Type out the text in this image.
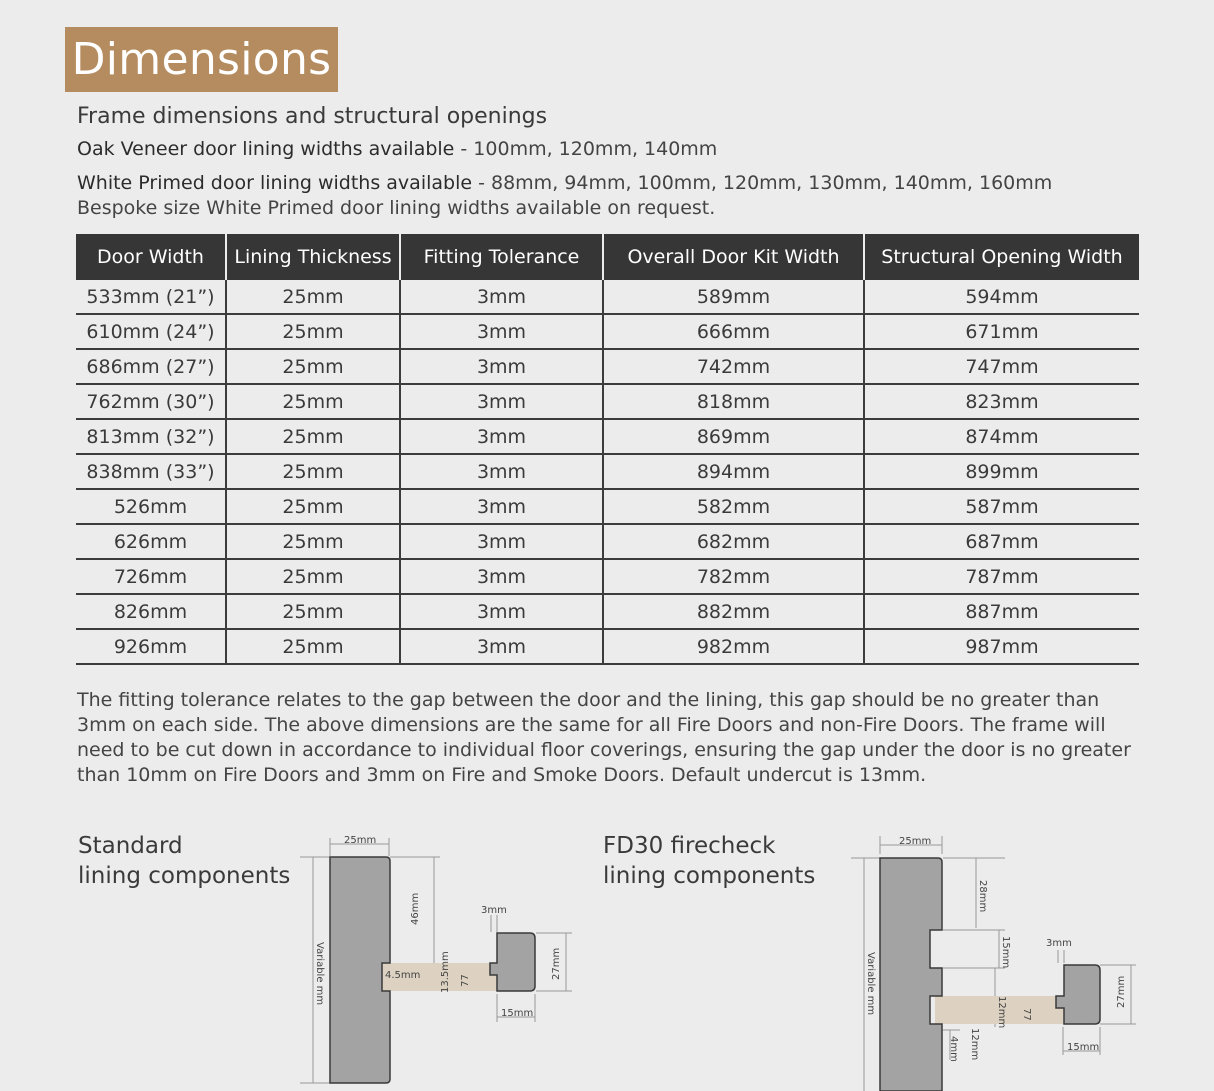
Dimensions
Frame dimensions and structural openings
Oak Veneer door lining widths available - 100mm, 120mm, 140mm
White Primed door lining widths available - 88mm, 94mm, 100mm, 120mm, 130mm, 140mm, 160mm
Bespoke size White Primed door lining widths available on request.
Door Width	Lining Thickness	Fitting Tolerance	Overall Door Kit Width	Structural Opening Width
533mm (21”)	25mm	3mm	589mm	594mm
610mm (24”)	25mm	3mm	666mm	671mm
686mm (27”)	25mm	3mm	742mm	747mm
762mm (30”)	25mm	3mm	818mm	823mm
813mm (32”)	25mm	3mm	869mm	874mm
838mm (33”)	25mm	3mm	894mm	899mm
526mm	25mm	3mm	582mm	587mm
626mm	25mm	3mm	682mm	687mm
726mm	25mm	3mm	782mm	787mm
826mm	25mm	3mm	882mm	887mm
926mm	25mm	3mm	982mm	987mm
The fitting tolerance relates to the gap between the door and the lining, this gap should be no greater than 3mm on each side. The above dimensions are the same for all Fire Doors and non-Fire Doors. The frame will need to be cut down in accordance to individual floor coverings, ensuring the gap under the door is no greater than 10mm on Fire Doors and 3mm on Fire and Smoke Doors. Default undercut is 13mm.
Standard
lining components
FD30 firecheck
lining components
25mm
Variable mm
46mm
4.5mm 13.5mm 77
3mm
27mm
15mm
25mm
Variable mm
28mm
15mm	3mm
12mm 77
12mm
27mm
4mm	15mm
